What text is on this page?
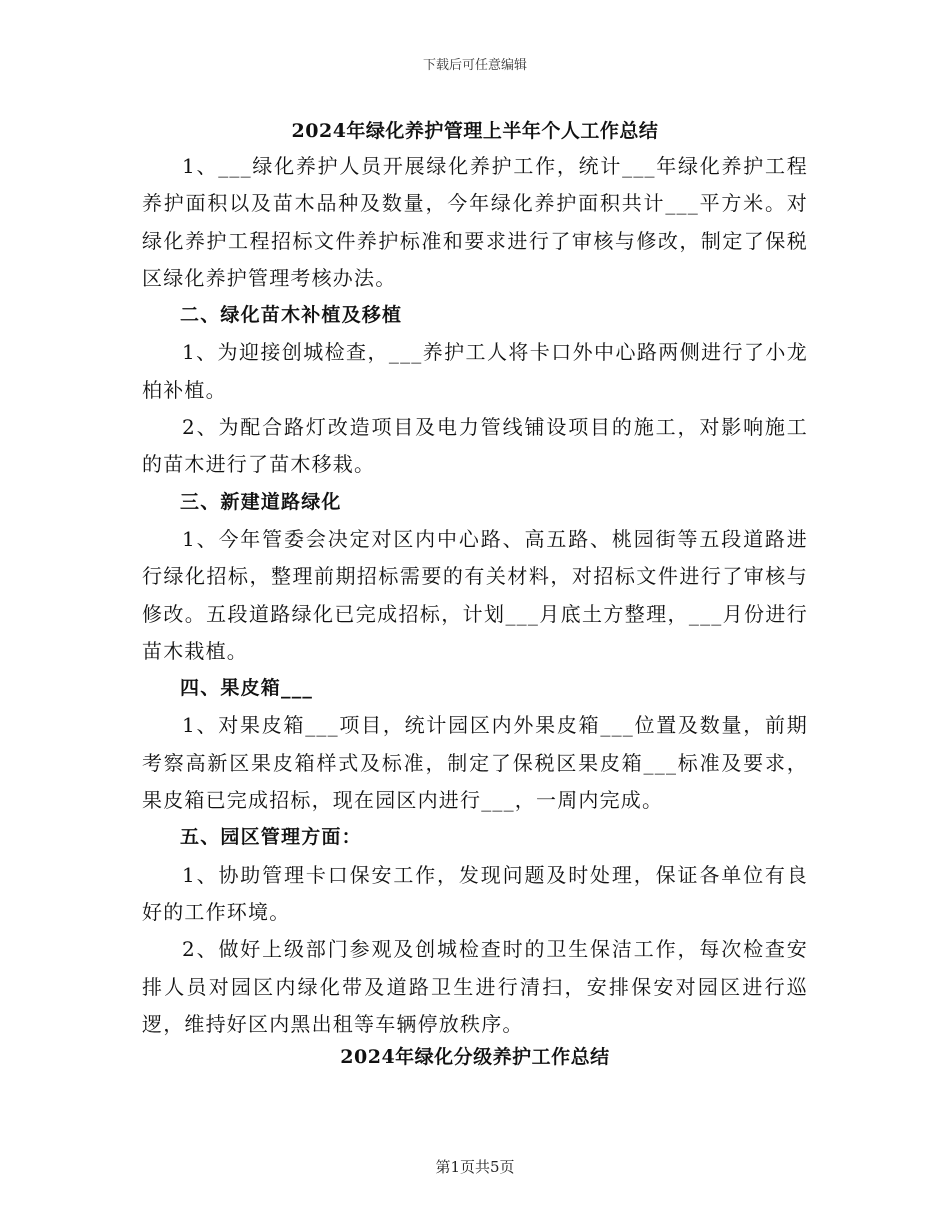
下载后可任意编辑
2024年绿化养护管理上半年个人工作总结

1、___绿化养护人员开展绿化养护工作，统计___年绿化养护工程养护面积以及苗木品种及数量，今年绿化养护面积共计___平方米。对绿化养护工程招标文件养护标准和要求进行了审核与修改，制定了保税区绿化养护管理考核办法。

二、绿化苗木补植及移植

1、为迎接创城检查，___养护工人将卡口外中心路两侧进行了小龙柏补植。

2、为配合路灯改造项目及电力管线铺设项目的施工，对影响施工的苗木进行了苗木移栽。

三、新建道路绿化

1、今年管委会决定对区内中心路、高五路、桃园街等五段道路进行绿化招标，整理前期招标需要的有关材料，对招标文件进行了审核与修改。五段道路绿化已完成招标，计划___月底土方整理，___月份进行苗木栽植。

四、果皮箱___

1、对果皮箱___项目，统计园区内外果皮箱___位置及数量，前期考察高新区果皮箱样式及标准，制定了保税区果皮箱___标准及要求，果皮箱已完成招标，现在园区内进行___，一周内完成。

五、园区管理方面：

1、协助管理卡口保安工作，发现问题及时处理，保证各单位有良好的工作环境。

2、做好上级部门参观及创城检查时的卫生保洁工作，每次检查安排人员对园区内绿化带及道路卫生进行清扫，安排保安对园区进行巡逻，维持好区内黑出租等车辆停放秩序。

2024年绿化分级养护工作总结
第1页共5页
